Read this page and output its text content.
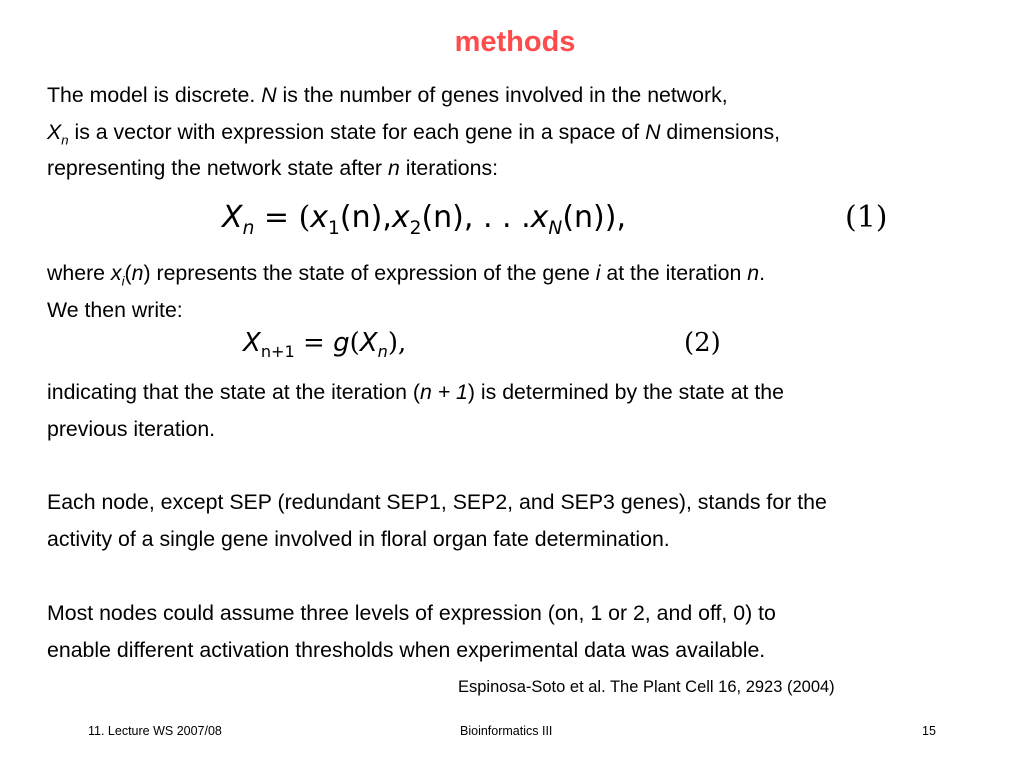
methods
The model is discrete. N is the number of genes involved in the network,
$X_n$ is a vector with expression state for each gene in a space of N dimensions,
representing the network state after n iterations:
$X_n = (x_1(n),x_2(n)$, . . $.x_N(n)$),	(1)
where $x_i(n)$ represents the state of expression of the gene i at the iteration n.
We then write:
$X_{n+1} = g(X_n)$,	(2)
indicating that the state at the iteration (n + 1) is determined by the state at the
previous iteration.
Each node, except SEP (redundant SEP1, SEP2, and SEP3 genes), stands for the
activity of a single gene involved in floral organ fate determination.
Most nodes could assume three levels of expression (on, 1 or 2, and off, 0) to
enable different activation thresholds when experimental data was available.
Espinosa-Soto et al. The Plant Cell 16, 2923 (2004)
11. Lecture WS 2007/08	Bioinformatics III	15
